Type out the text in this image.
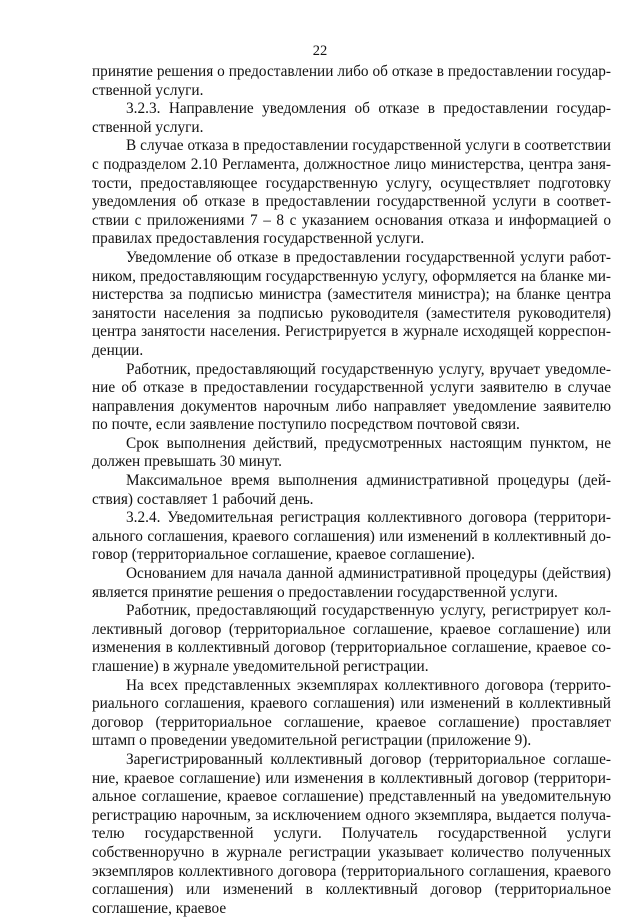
22

принятие решения о предоставлении либо об отказе в предоставлении государственной услуги.

3.2.3. Направление уведомления об отказе в предоставлении государственной услуги.

В случае отказа в предоставлении государственной услуги в соответствии с подразделом 2.10 Регламента, должностное лицо министерства, центра занятости, предоставляющее государственную услугу, осуществляет подготовку уведомления об отказе в предоставлении государственной услуги в соответствии с приложениями 7 – 8 с указанием основания отказа и информацией о правилах предоставления государственной услуги.

Уведомление об отказе в предоставлении государственной услуги работником, предоставляющим государственную услугу, оформляется на бланке министерства за подписью министра (заместителя министра); на бланке центра занятости населения за подписью руководителя (заместителя руководителя) центра занятости населения. Регистрируется в журнале исходящей корреспонденции.

Работник, предоставляющий государственную услугу, вручает уведомление об отказе в предоставлении государственной услуги заявителю в случае направления документов нарочным либо направляет уведомление заявителю по почте, если заявление поступило посредством почтовой связи.

Срок выполнения действий, предусмотренных настоящим пунктом, не должен превышать 30 минут.

Максимальное время выполнения административной процедуры (действия) составляет 1 рабочий день.

3.2.4. Уведомительная регистрация коллективного договора (территориального соглашения, краевого соглашения) или изменений в коллективный договор (территориальное соглашение, краевое соглашение).

Основанием для начала данной административной процедуры (действия) является принятие решения о предоставлении государственной услуги.

Работник, предоставляющий государственную услугу, регистрирует коллективный договор (территориальное соглашение, краевое соглашение) или изменения в коллективный договор (территориальное соглашение, краевое соглашение) в журнале уведомительной регистрации.

На всех представленных экземплярах коллективного договора (территориального соглашения, краевого соглашения) или изменений в коллективный договор (территориальное соглашение, краевое соглашение) проставляет штамп о проведении уведомительной регистрации (приложение 9).

Зарегистрированный коллективный договор (территориальное соглашение, краевое соглашение) или изменения в коллективный договор (территориальное соглашение, краевое соглашение) представленный на уведомительную регистрацию нарочным, за исключением одного экземпляра, выдается получателю государственной услуги. Получатель государственной услуги собственноручно в журнале регистрации указывает количество полученных экземпляров коллективного договора (территориального соглашения, краевого соглашения) или изменений в коллективный договор (территориальное соглашение, краевое
